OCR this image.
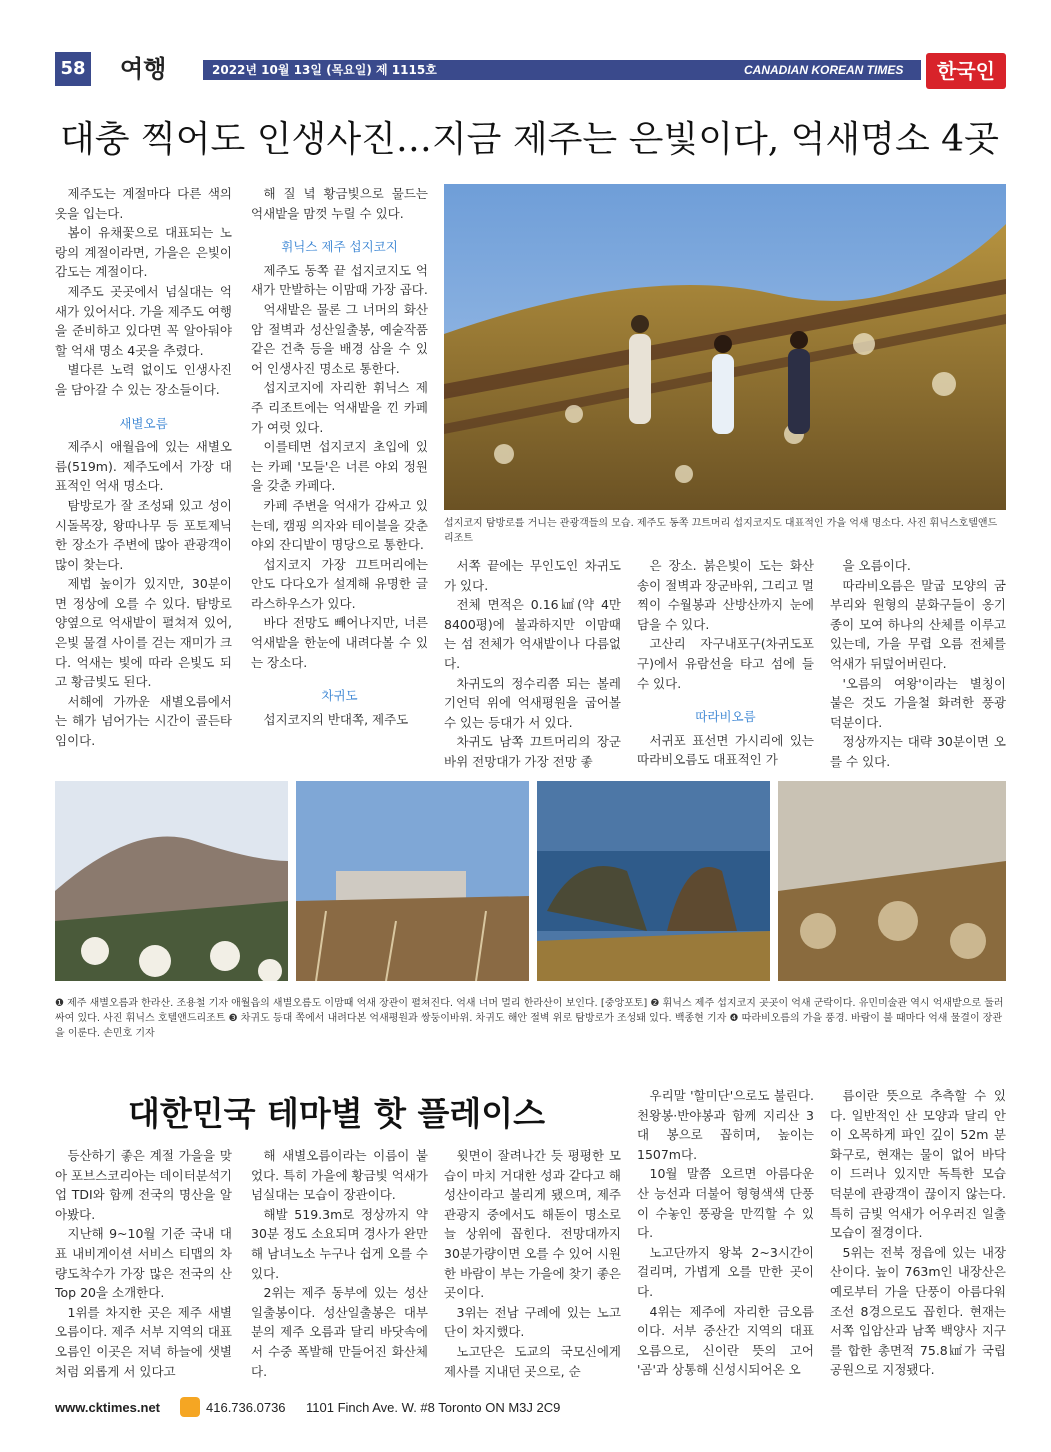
58 여행	2022년 10월 13일 (목요일) 제 1115호	CANADIAN KOREAN TIMES	한국인
대충 찍어도 인생사진…지금 제주는 은빛이다, 억새명소 4곳

제주도는 계절마다 다른 색의 옷을 입는다.

봄이 유채꽃으로 대표되는 노랑의 계절이라면, 가을은 은빛이 감도는 계절이다.

제주도 곳곳에서 넘실대는 억새가 있어서다. 가을 제주도 여행을 준비하고 있다면 꼭 알아둬야 할 억새 명소 4곳을 추렸다.

별다른 노력 없이도 인생사진을 담아갈 수 있는 장소들이다.

새별오름

제주시 애월읍에 있는 새별오름(519m). 제주도에서 가장 대표적인 억새 명소다.

탐방로가 잘 조성돼 있고 성이시돌목장, 왕따나무 등 포토제닉한 장소가 주변에 많아 관광객이 많이 찾는다.

제법 높이가 있지만, 30분이면 정상에 오를 수 있다. 탐방로 양옆으로 억새밭이 펼쳐져 있어, 은빛 물결 사이를 걷는 재미가 크다. 억새는 빛에 따라 은빛도 되고 황금빛도 된다.

서해에 가까운 새별오름에서는 해가 넘어가는 시간이 골든타임이다.

해 질 녘 황금빛으로 물드는 억새밭을 맘껏 누릴 수 있다.

휘닉스 제주 섭지코지

제주도 동쪽 끝 섭지코지도 억새가 만발하는 이맘때 가장 곱다.

억새밭은 물론 그 너머의 화산암 절벽과 성산일출봉, 예술작품 같은 건축 등을 배경 삼을 수 있어 인생사진 명소로 통한다.

섭지코지에 자리한 휘닉스 제주 리조트에는 억새밭을 낀 카페가 여럿 있다.

이를테면 섭지코지 초입에 있는 카페 '모들'은 너른 야외 정원을 갖춘 카페다.

카페 주변을 억새가 감싸고 있는데, 캠핑 의자와 테이블을 갖춘 야외 잔디밭이 명당으로 통한다.

섭지코지 가장 끄트머리에는 안도 다다오가 설계해 유명한 글라스하우스가 있다.

바다 전망도 빼어나지만, 너른 억새밭을 한눈에 내려다볼 수 있는 장소다.

차귀도

섭지코지의 반대쪽, 제주도

섭지코지 탐방로를 거니는 관광객들의 모습. 제주도 동쪽 끄트머리 섭지코지도 대표적인 가을 억새 명소다. 사진 휘닉스호텔앤드리조트

서쪽 끝에는 무인도인 차귀도가 있다.

전체 면적은 0.16㎢(약 4만 8400평)에 불과하지만 이맘때는 섬 전체가 억새밭이나 다름없다.

차귀도의 정수리쯤 되는 볼레기언덕 위에 억새평원을 굽어볼 수 있는 등대가 서 있다.

차귀도 남쪽 끄트머리의 장군바위 전망대가 가장 전망 좋

은 장소. 붉은빛이 도는 화산송이 절벽과 장군바위, 그리고 멀찍이 수월봉과 산방산까지 눈에 담을 수 있다.

고산리 자구내포구(차귀도포구)에서 유람선을 타고 섬에 들 수 있다.

따라비오름

서귀포 표선면 가시리에 있는 따라비오름도 대표적인 가

을 오름이다.

따라비오름은 말굽 모양의 굼부리와 원형의 분화구들이 옹기종이 모여 하나의 산체를 이루고 있는데, 가을 무렵 오름 전체를 억새가 뒤덮어버린다.

'오름의 여왕'이라는 별칭이 붙은 것도 가을철 화려한 풍광 덕분이다.

정상까지는 대략 30분이면 오를 수 있다.

❶ 제주 새별오름과 한라산. 조용철 기자 애월읍의 새별오름도 이맘때 억새 장관이 펼쳐진다. 억새 너머 멀리 한라산이 보인다. [중앙포토] ❷ 휘닉스 제주 섭지코지 곳곳이 억새 군락이다. 유민미술관 역시 억새밭으로 둘러싸여 있다. 사진 휘닉스 호텔앤드리조트 ❸ 차귀도 등대 쪽에서 내려다본 억새평원과 쌍둥이바위. 차귀도 해안 절벽 위로 탐방로가 조성돼 있다. 백종현 기자 ❹ 따라비오름의 가을 풍경. 바람이 불 때마다 억새 물결이 장관을 이룬다. 손민호 기자
대한민국 테마별 핫 플레이스

등산하기 좋은 계절 가을을 맞아 포브스코리아는 데이터분석기업 TDI와 함께 전국의 명산을 알아봤다.

지난해 9~10월 기준 국내 대표 내비게이션 서비스 티맵의 차량도착수가 가장 많은 전국의 산 Top 20을 소개한다.

1위를 차지한 곳은 제주 새별오름이다. 제주 서부 지역의 대표 오름인 이곳은 저녁 하늘에 샛별처럼 외롭게 서 있다고

해 새별오름이라는 이름이 붙었다. 특히 가을에 황금빛 억새가 넘실대는 모습이 장관이다.

해발 519.3m로 정상까지 약 30분 정도 소요되며 경사가 완만해 남녀노소 누구나 쉽게 오를 수 있다.

2위는 제주 동부에 있는 성산일출봉이다. 성산일출봉은 대부분의 제주 오름과 달리 바닷속에서 수중 폭발해 만들어진 화산체다.

윗면이 잘려나간 듯 평평한 모습이 마치 거대한 성과 같다고 해 성산이라고 불리게 됐으며, 제주 관광지 중에서도 해돋이 명소로 늘 상위에 꼽힌다. 전망대까지 30분가량이면 오를 수 있어 시원한 바람이 부는 가을에 찾기 좋은 곳이다.

3위는 전남 구례에 있는 노고단이 차지했다.

노고단은 도교의 국모신에게 제사를 지내던 곳으로, 순

우리말 '할미단'으로도 불린다. 천왕봉·반야봉과 함께 지리산 3대 봉으로 꼽히며, 높이는 1507m다.

10월 말쯤 오르면 아름다운 산 능선과 더불어 형형색색 단풍이 수놓인 풍광을 만끽할 수 있다.

노고단까지 왕복 2~3시간이 걸리며, 가볍게 오를 만한 곳이다.

4위는 제주에 자리한 금오름이다. 서부 중산간 지역의 대표 오름으로, 신이란 뜻의 고어 '곰'과 상통해 신성시되어온 오

름이란 뜻으로 추측할 수 있다. 일반적인 산 모양과 달리 안이 오목하게 파인 깊이 52m 분화구로, 현재는 물이 없어 바닥이 드러나 있지만 독특한 모습 덕분에 관광객이 끊이지 않는다. 특히 금빛 억새가 어우러진 일출 모습이 절경이다.

5위는 전북 정읍에 있는 내장산이다. 높이 763m인 내장산은 예로부터 가을 단풍이 아름다워 조선 8경으로도 꼽힌다. 현재는 서쪽 입암산과 남쪽 백양사 지구를 합한 총면적 75.8㎢가 국립공원으로 지정됐다.

www.cktimes.net	416.736.0736 1101 Finch Ave. W. #8 Toronto ON M3J 2C9
